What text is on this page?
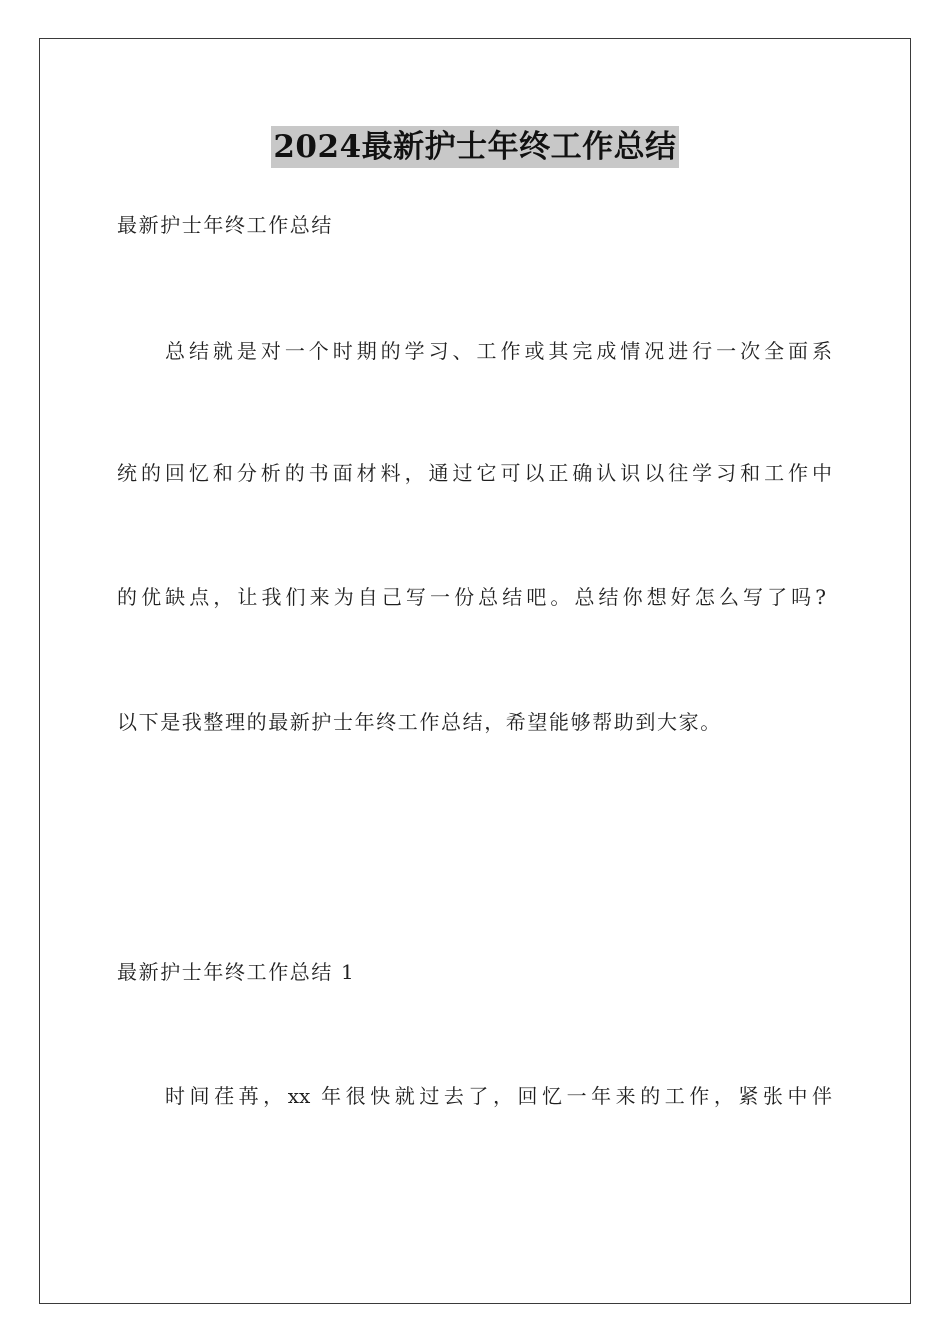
2024最新护士年终工作总结
最新护士年终工作总结
总结就是对一个时期的学习、工作或其完成情况进行一次全面系
统的回忆和分析的书面材料，通过它可以正确认识以往学习和工作中
的优缺点，让我们来为自己写一份总结吧。总结你想好怎么写了吗?
以下是我整理的最新护士年终工作总结，希望能够帮助到大家。
最新护士年终工作总结 1
时间荏苒，xx 年很快就过去了，回忆一年来的工作，紧张中伴
